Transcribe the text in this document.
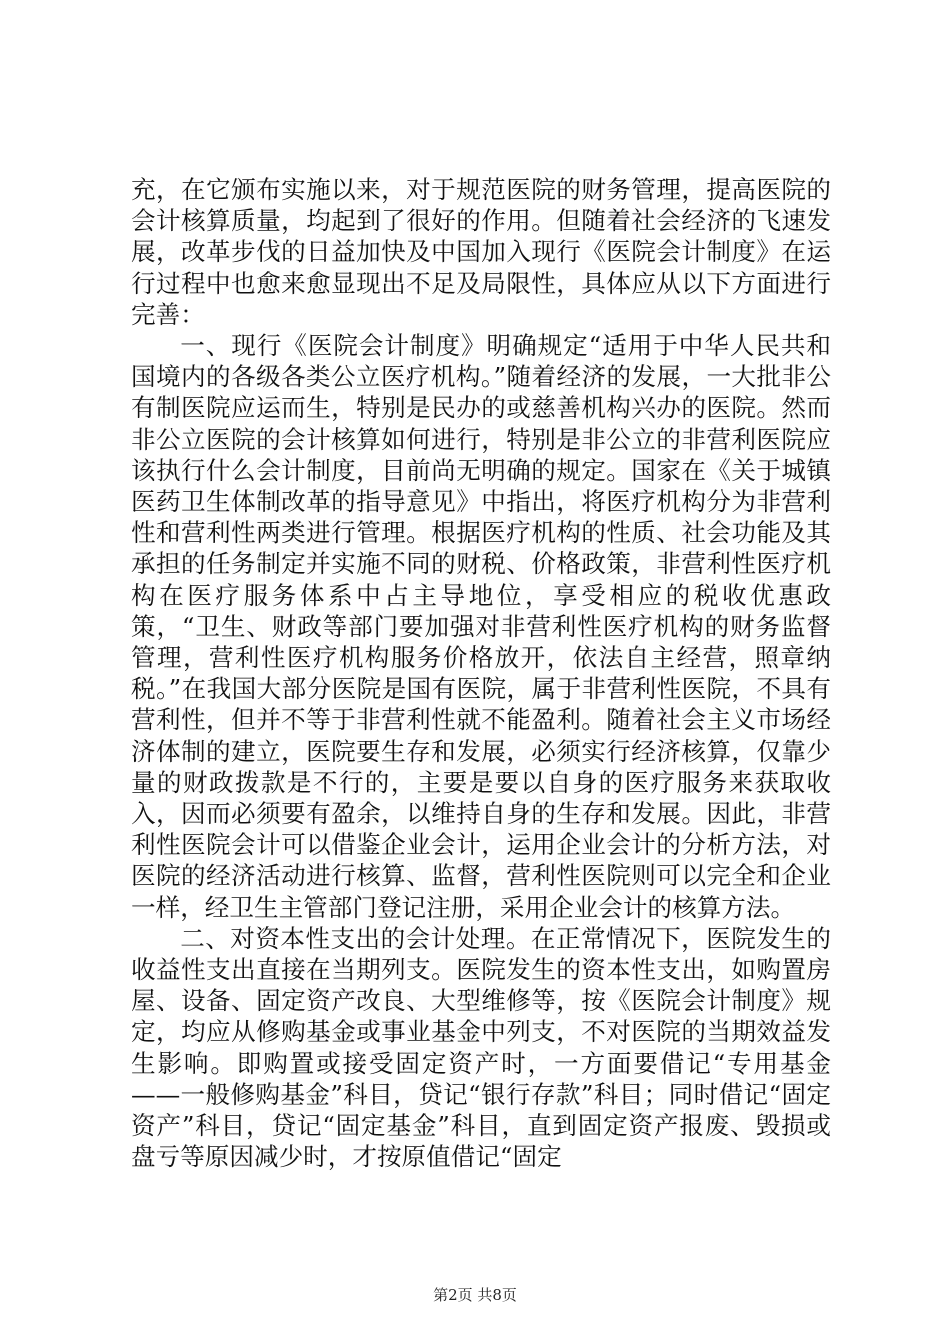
充，在它颁布实施以来，对于规范医院的财务管理，提高医院的会计核算质量，均起到了很好的作用。但随着社会经济的飞速发展，改革步伐的日益加快及中国加入现行《医院会计制度》在运行过程中也愈来愈显现出不足及局限性，具体应从以下方面进行完善：

一、现行《医院会计制度》明确规定“适用于中华人民共和国境内的各级各类公立医疗机构。”随着经济的发展，一大批非公有制医院应运而生，特别是民办的或慈善机构兴办的医院。然而非公立医院的会计核算如何进行，特别是非公立的非营利医院应该执行什么会计制度，目前尚无明确的规定。国家在《关于城镇医药卫生体制改革的指导意见》中指出，将医疗机构分为非营利性和营利性两类进行管理。根据医疗机构的性质、社会功能及其承担的任务制定并实施不同的财税、价格政策，非营利性医疗机构在医疗服务体系中占主导地位，享受相应的税收优惠政策，“卫生、财政等部门要加强对非营利性医疗机构的财务监督管理，营利性医疗机构服务价格放开，依法自主经营，照章纳税。”在我国大部分医院是国有医院，属于非营利性医院，不具有营利性，但并不等于非营利性就不能盈利。随着社会主义市场经济体制的建立，医院要生存和发展，必须实行经济核算，仅靠少量的财政拨款是不行的，主要是要以自身的医疗服务来获取收入，因而必须要有盈余，以维持自身的生存和发展。因此，非营利性医院会计可以借鉴企业会计，运用企业会计的分析方法，对医院的经济活动进行核算、监督，营利性医院则可以完全和企业一样，经卫生主管部门登记注册，采用企业会计的核算方法。

二、对资本性支出的会计处理。在正常情况下，医院发生的收益性支出直接在当期列支。医院发生的资本性支出，如购置房屋、设备、固定资产改良、大型维修等，按《医院会计制度》规定，均应从修购基金或事业基金中列支，不对医院的当期效益发生影响。即购置或接受固定资产时，一方面要借记“专用基金——一般修购基金”科目，贷记“银行存款”科目；同时借记“固定资产”科目，贷记“固定基金”科目，直到固定资产报废、毁损或盘亏等原因减少时，才按原值借记“固定

第2页 共8页
